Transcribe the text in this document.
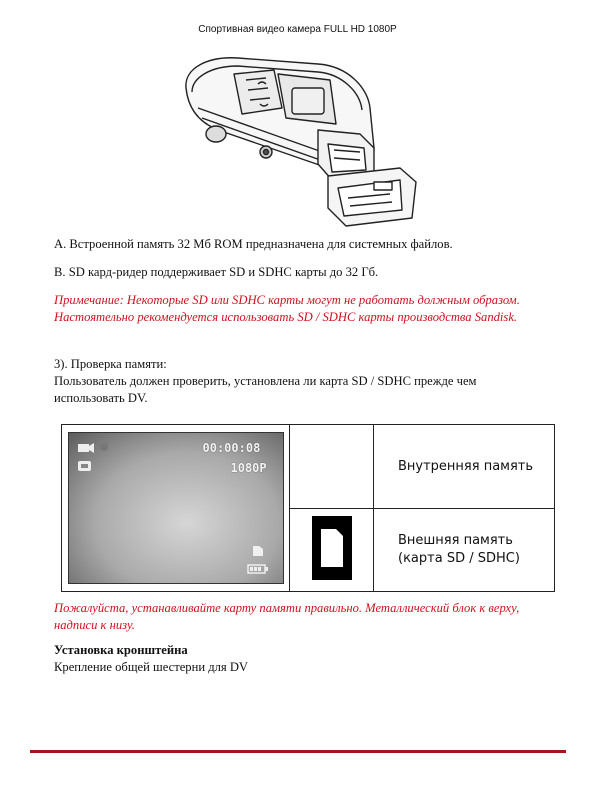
Спортивная видео камера FULL HD 1080P
A. Встроенной память 32 Мб ROM предназначена для системных файлов.
B. SD кард-ридер поддерживает SD и SDHC карты до 32 Гб.
Примечание: Некоторые SD или SDHC карты могут не работать должным образом. Настоятельно рекомендуется использовать SD / SDHC карты производства Sandisk.
3). Проверка памяти:
Пользователь должен проверить, установлена ли карта SD / SDHC прежде чем использовать DV.
00:00:08
1080P		Внутренняя память
	Внешняя память
(карта SD / SDHC)
Пожалуйста, устанавливайте карту памяти правильно. Металлический блок к верху, надписи к низу.
Установка кронштейна
Крепление общей шестерни для DV
